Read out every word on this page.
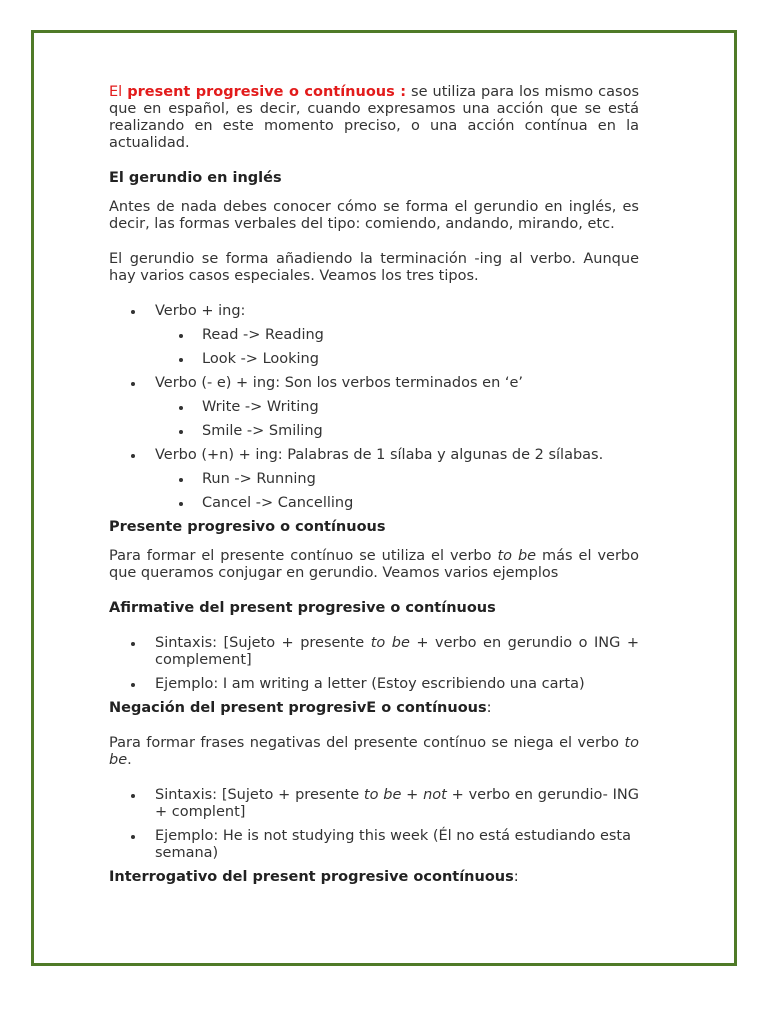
El present progresive o contínuous : se utiliza para los mismo casos que en español, es decir, cuando expresamos una acción que se está realizando en este momento preciso, o una acción contínua en la actualidad.

El gerundio en inglés

Antes de nada debes conocer cómo se forma el gerundio en inglés, es decir, las formas verbales del tipo: comiendo, andando, mirando, etc.

El gerundio se forma añadiendo la terminación -ing al verbo. Aunque hay varios casos especiales. Veamos los tres tipos.

Verbo + ing:
Read -> Reading
Look -> Looking
Verbo (- e) + ing: Son los verbos terminados en ‘e’
Write -> Writing
Smile -> Smiling
Verbo (+n) + ing: Palabras de 1 sílaba y algunas de 2 sílabas.
Run -> Running
Cancel -> Cancelling
Presente progresivo o contínuous

Para formar el presente contínuo se utiliza el verbo to be más el verbo que queramos conjugar en gerundio. Veamos varios ejemplos

Afirmative del present progresive o contínuous
Sintaxis: [Sujeto + presente to be + verbo en gerundio o ING + complement]
Ejemplo: I am writing a letter (Estoy escribiendo una carta)
Negación del present progresivE o contínuous:

Para formar frases negativas del presente contínuo se niega el verbo to be.

Sintaxis: [Sujeto + presente to be + not + verbo en gerundio- ING + complent]
Ejemplo: He is not studying this week (Él no está estudiando esta semana)
Interrogativo del present progresive ocontínuous:
